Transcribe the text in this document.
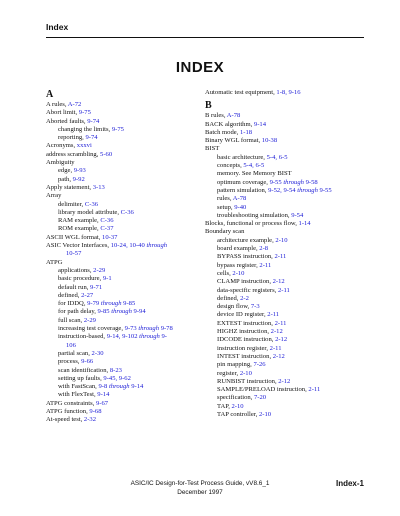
Index
INDEX
A
A rules, A-72
Abort limit, 9-75
Aborted faults, 9-74
changing the limits, 9-75
reporting, 9-74
Acronyms, xxxvi
address scrambling, 5-60
Ambiguity
edge, 9-93
path, 9-92
Apply statement, 3-13
Array
delimiter, C-36
library model attribute, C-36
RAM example, C-36
ROM example, C-37
ASCII WGL format, 10-37
ASIC Vector Interfaces, 10-24, 10-40 through
10-57
ATPG
applications, 2-29
basic procedure, 9-1
default run, 9-71
defined, 2-27
for IDDQ, 9-79 through 9-85
for path delay, 9-85 through 9-94
full scan, 2-29
increasing test coverage, 9-73 through 9-78
instruction-based, 9-14, 9-102 through 9-
106
partial scan, 2-30
process, 9-66
scan identification, 8-23
setting up faults, 9-45, 9-62
with FastScan, 9-8 through 9-14
with FlexTest, 9-14
ATPG constraints, 9-67
ATPG function, 9-68
At-speed test, 2-32
Automatic test equipment, 1-8, 9-16
B
B rules, A-78
BACK algorithm, 9-14
Batch mode, 1-18
Binary WGL format, 10-38
BIST
basic architecture, 5-4, 6-5
concepts, 5-4, 6-5
memory. See Memory BIST
optimum coverage, 9-55 through 9-58
pattern simulation, 9-52, 9-54 through 9-55
rules, A-78
setup, 9-40
troubleshooting simulation, 9-54
Blocks, functional or process flow, 1-14
Boundary scan
architecture example, 2-10
board example, 2-8
BYPASS instruction, 2-11
bypass register, 2-11
cells, 2-10
CLAMP instruction, 2-12
data-specific registers, 2-11
defined, 2-2
design flow, 7-3
device ID register, 2-11
EXTEST instruction, 2-11
HIGHZ instruction, 2-12
IDCODE instruction, 2-12
instruction register, 2-11
INTEST instruction, 2-12
pin mapping, 7-26
register, 2-10
RUNBIST instruction, 2-12
SAMPLE/PRELOAD instruction, 2-11
specification, 7-20
TAP, 2-10
TAP controller, 2-10
ASIC/IC Design-for-Test Process Guide, vV8.6_1
December 1997
Index-1
